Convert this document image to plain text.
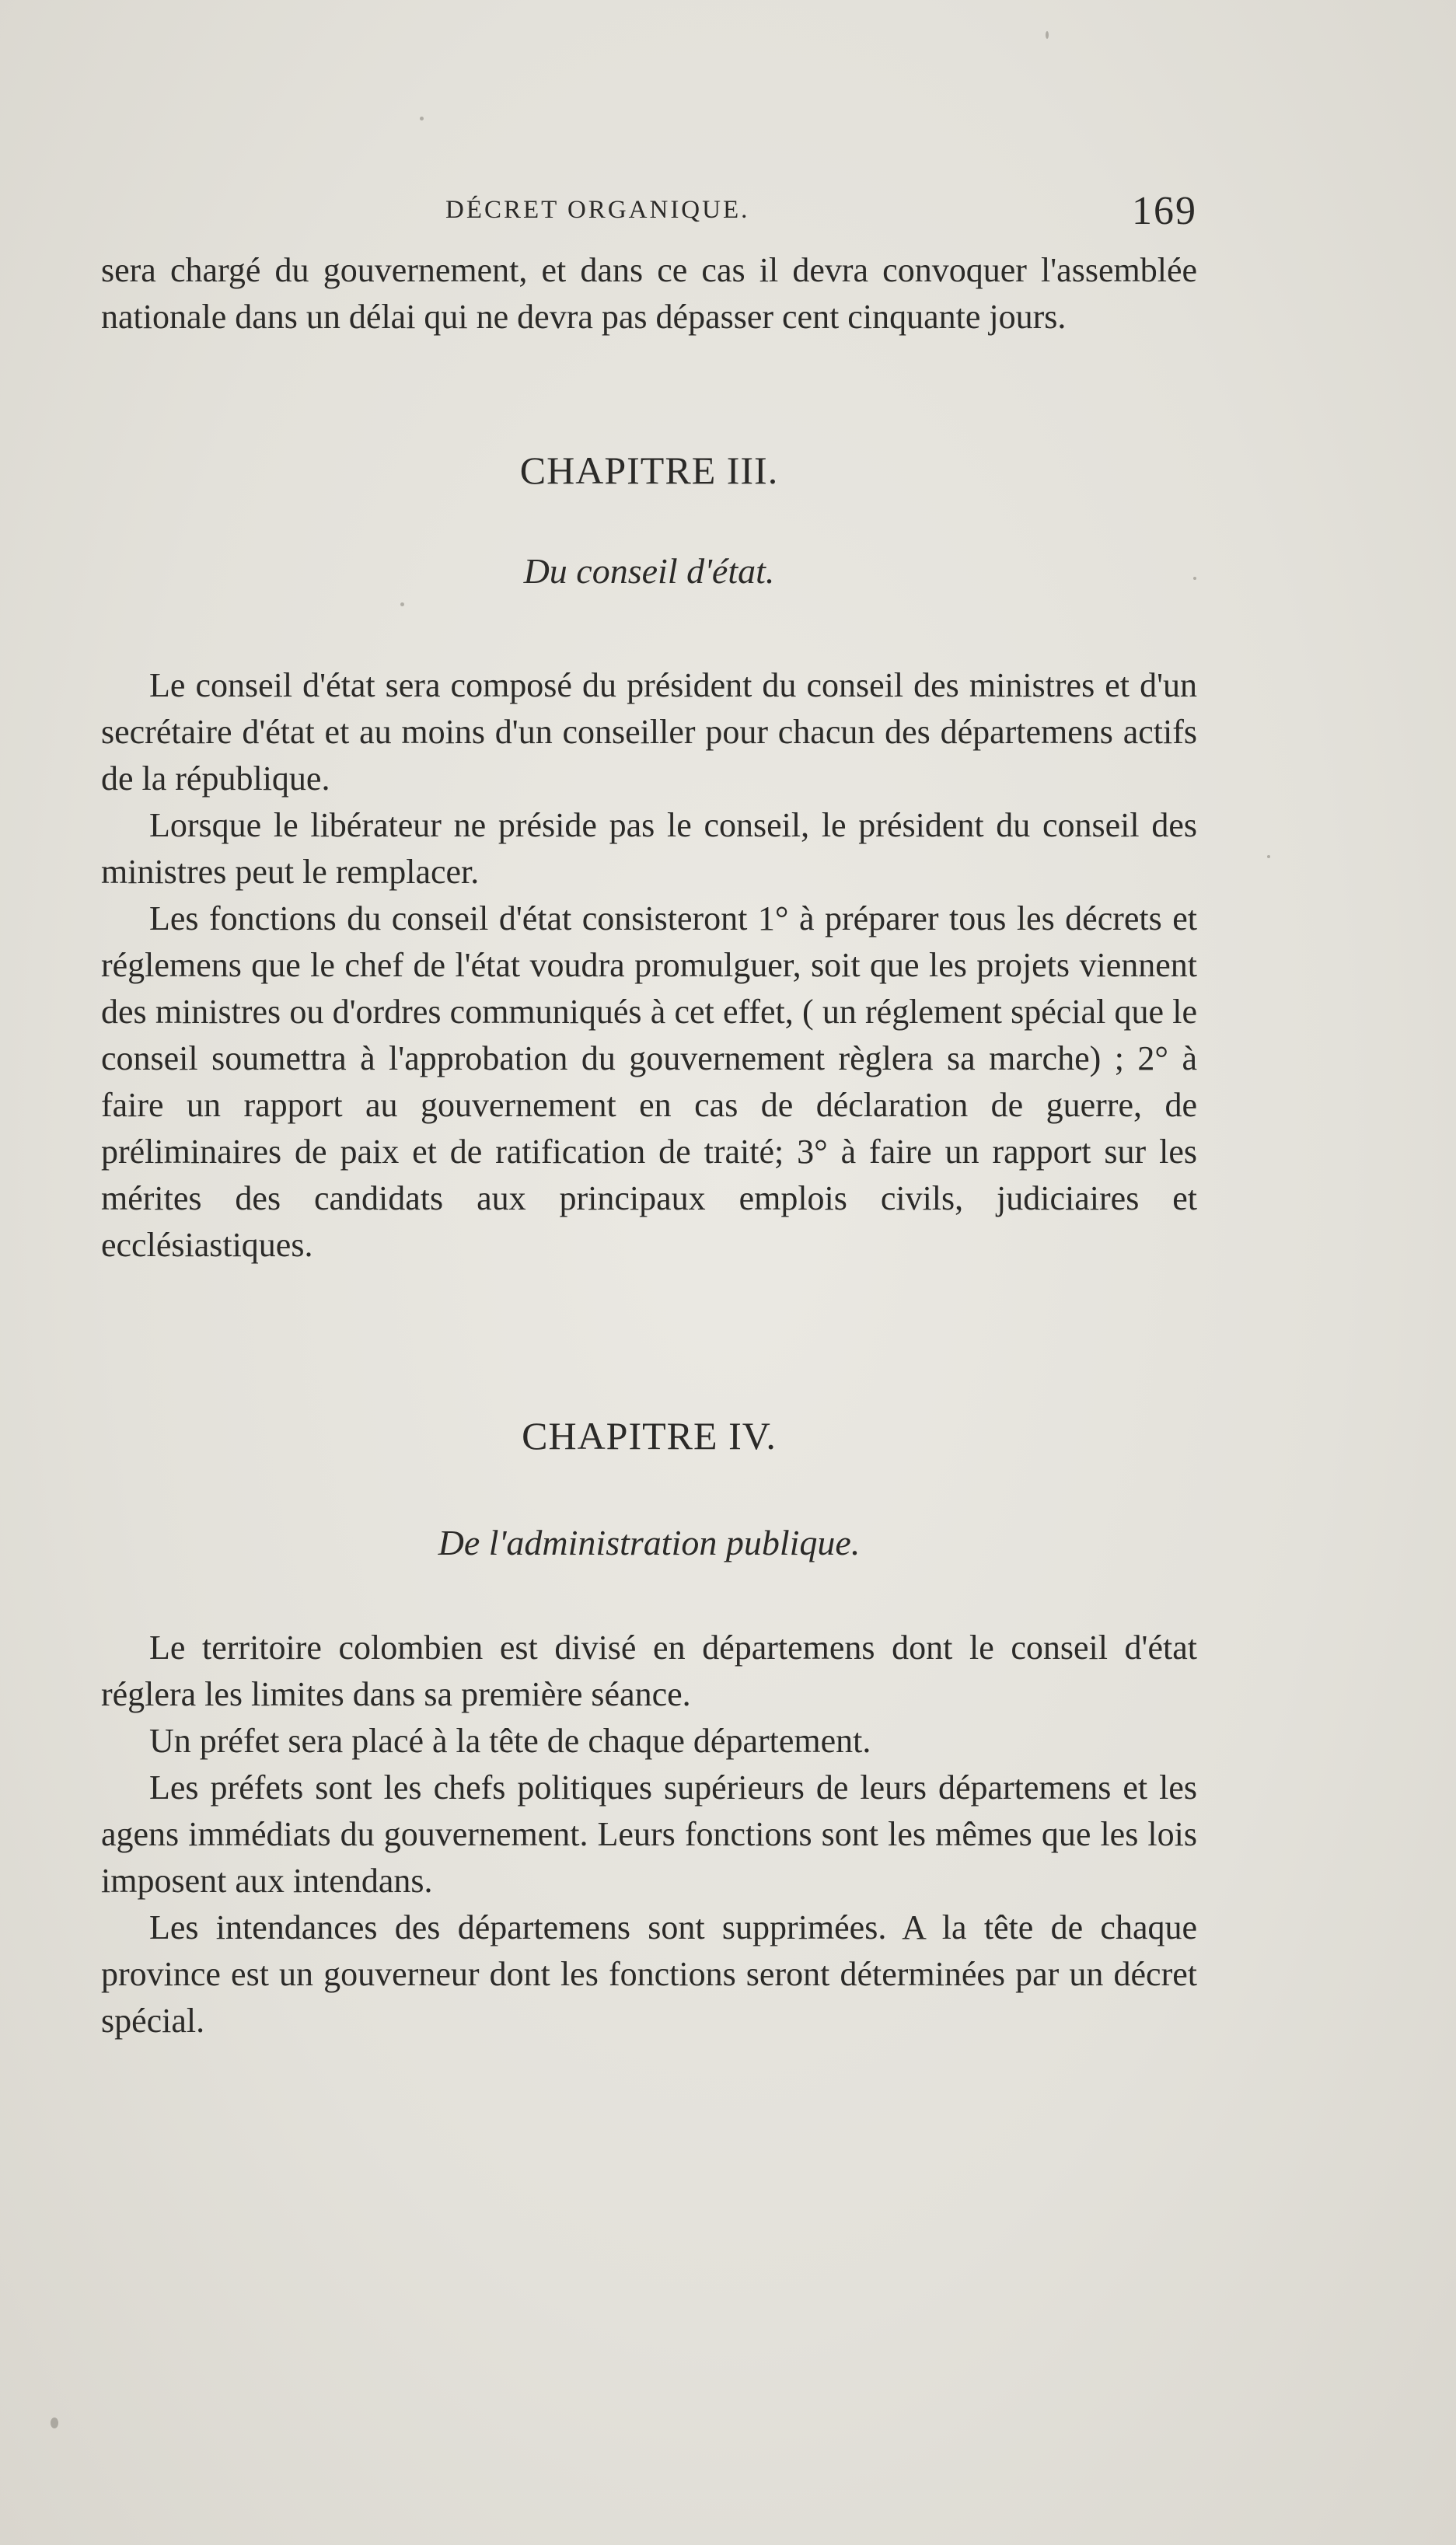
DÉCRET ORGANIQUE.	169

sera chargé du gouvernement, et dans ce cas il devra convoquer l'assemblée nationale dans un délai qui ne devra pas dépasser cent cinquante jours.

CHAPITRE III.
Du conseil d'état.

Le conseil d'état sera composé du président du conseil des ministres et d'un secrétaire d'état et au moins d'un conseiller pour chacun des départemens actifs de la république.

Lorsque le libérateur ne préside pas le conseil, le président du conseil des ministres peut le remplacer.

Les fonctions du conseil d'état consisteront 1° à préparer tous les décrets et réglemens que le chef de l'état voudra promulguer, soit que les projets viennent des ministres ou d'ordres communiqués à cet effet, ( un réglement spécial que le conseil soumettra à l'approbation du gouvernement règlera sa marche) ; 2° à faire un rapport au gouvernement en cas de déclaration de guerre, de préliminaires de paix et de ratification de traité; 3° à faire un rapport sur les mérites des candidats aux principaux emplois civils, judiciaires et ecclésiastiques.

CHAPITRE IV.
De l'administration publique.

Le territoire colombien est divisé en départemens dont le conseil d'état réglera les limites dans sa première séance.

Un préfet sera placé à la tête de chaque département.

Les préfets sont les chefs politiques supérieurs de leurs départemens et les agens immédiats du gouvernement. Leurs fonctions sont les mêmes que les lois imposent aux intendans.

Les intendances des départemens sont supprimées. A la tête de chaque province est un gouverneur dont les fonctions seront déterminées par un décret spécial.
